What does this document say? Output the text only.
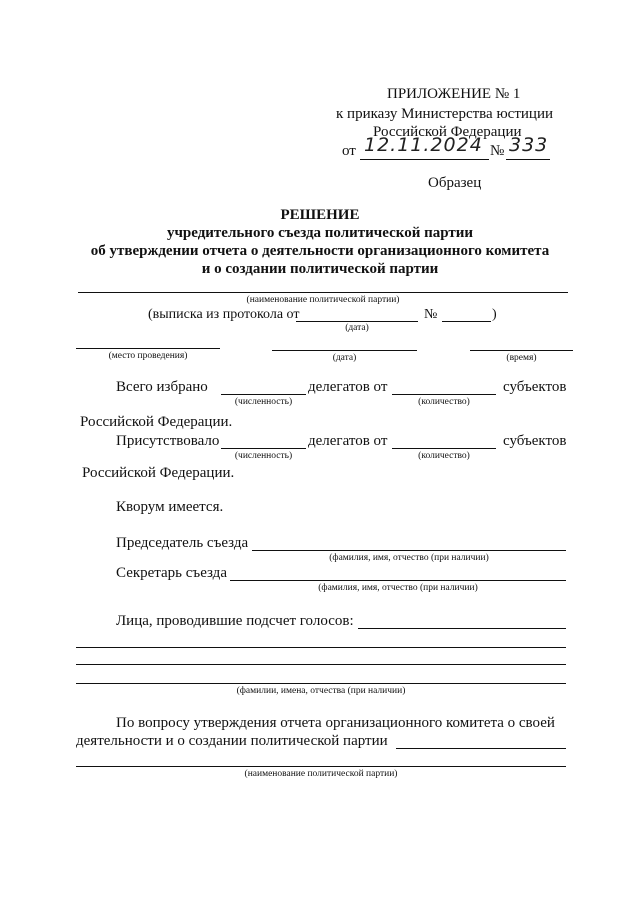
ПРИЛОЖЕНИЕ № 1
к приказу Министерства юстиции
Российской Федерации
от 12.11.2024 № 333
Образец
РЕШЕНИЕ
учредительного съезда политической партии
об утверждении отчета о деятельности организационного комитета
и о создании политической партии
(наименование политической партии)
(выписка из протокола от	№	)
(дата)
(место проведения)	(дата)	(время)
Всего избрано	делегатов от	субъектов
(численность)	(количество)
Российской Федерации.
Присутствовало	делегатов от	субъектов
(численность)	(количество)
Российской Федерации.
Кворум имеется.
Председатель съезда
(фамилия, имя, отчество (при наличии)
Секретарь съезда
(фамилия, имя, отчество (при наличии)
Лица, проводившие подсчет голосов:
(фамилии, имена, отчества (при наличии)
По вопросу утверждения отчета организационного комитета о своей
деятельности и о создании политической партии
(наименование политической партии)
